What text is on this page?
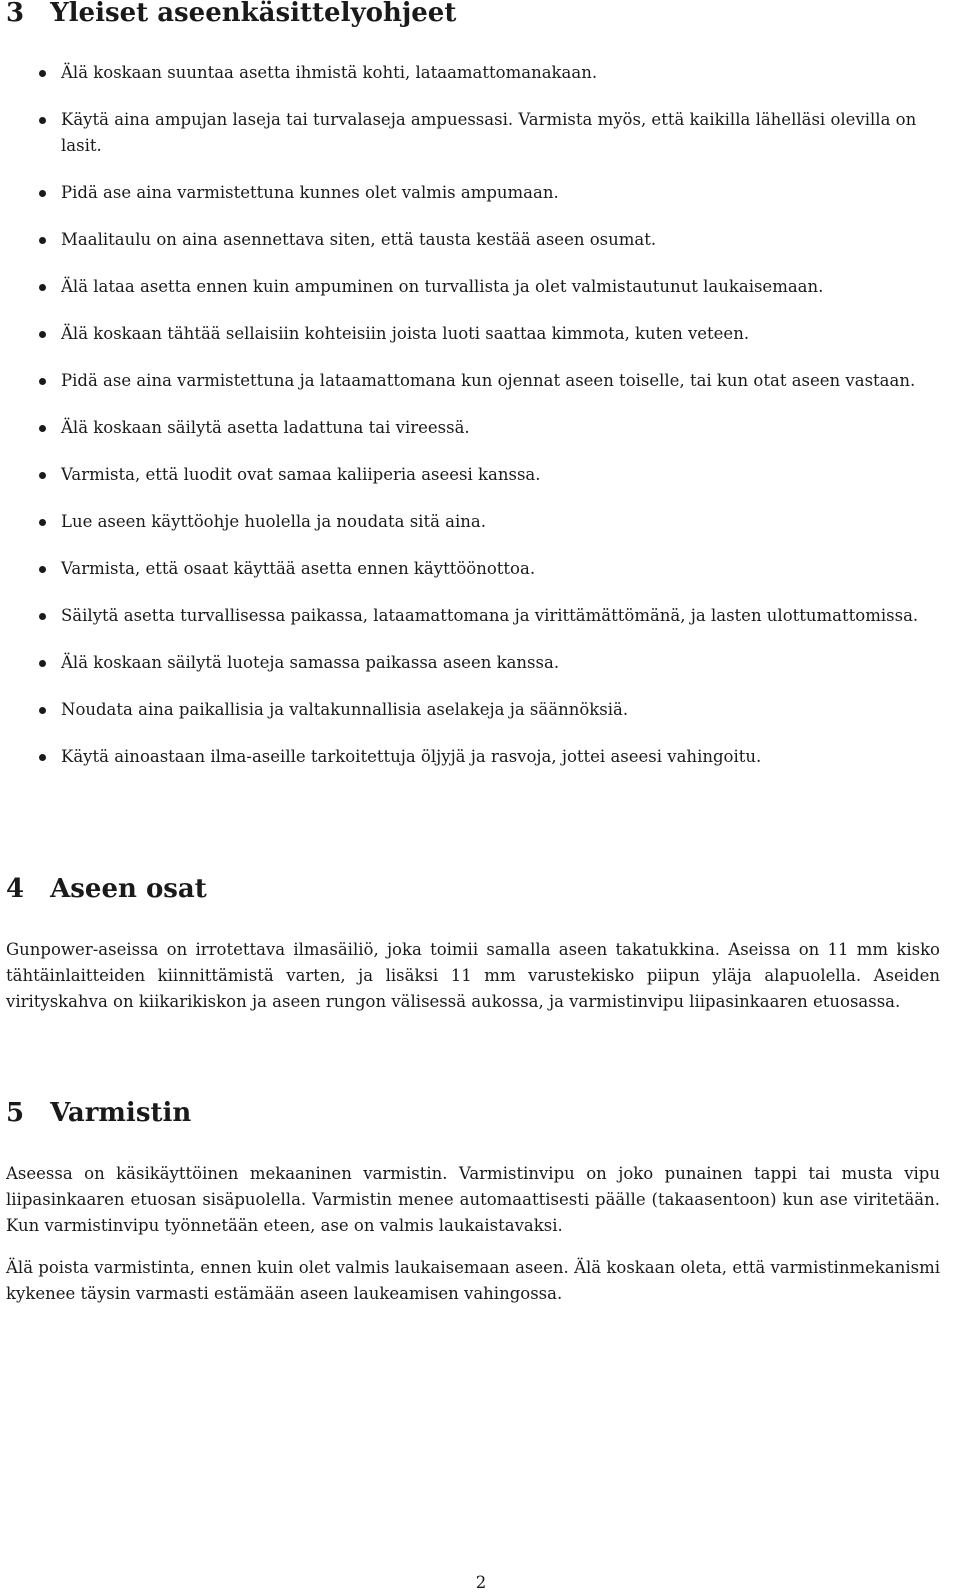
3 Yleiset aseenkäsittelyohjeet
Älä koskaan suuntaa asetta ihmistä kohti, lataamattomanakaan.
Käytä aina ampujan laseja tai turvalaseja ampuessasi. Varmista myös, että kaikilla lähelläsi olevilla on lasit.
Pidä ase aina varmistettuna kunnes olet valmis ampumaan.
Maalitaulu on aina asennettava siten, että tausta kestää aseen osumat.
Älä lataa asetta ennen kuin ampuminen on turvallista ja olet valmistautunut laukaisemaan.
Älä koskaan tähtää sellaisiin kohteisiin joista luoti saattaa kimmota, kuten veteen.
Pidä ase aina varmistettuna ja lataamattomana kun ojennat aseen toiselle, tai kun otat aseen vastaan.
Älä koskaan säilytä asetta ladattuna tai vireessä.
Varmista, että luodit ovat samaa kaliiperia aseesi kanssa.
Lue aseen käyttöohje huolella ja noudata sitä aina.
Varmista, että osaat käyttää asetta ennen käyttöönottoa.
Säilytä asetta turvallisessa paikassa, lataamattomana ja virittämättömänä, ja lasten ulottumattomissa.
Älä koskaan säilytä luoteja samassa paikassa aseen kanssa.
Noudata aina paikallisia ja valtakunnallisia aselakeja ja säännöksiä.
Käytä ainoastaan ilma-aseille tarkoitettuja öljyjä ja rasvoja, jottei aseesi vahingoitu.
4 Aseen osat

Gunpower-aseissa on irrotettava ilmasäiliö, joka toimii samalla aseen takatukkina. Aseissa on 11 mm kisko tähtäinlaitteiden kiinnittämistä varten, ja lisäksi 11 mm varustekisko piipun yläja alapuolella. Aseiden virityskahva on kiikarikiskon ja aseen rungon välisessä aukossa, ja varmistinvipu liipasinkaaren etuosassa.

5 Varmistin

Aseessa on käsikäyttöinen mekaaninen varmistin. Varmistinvipu on joko punainen tappi tai musta vipu liipasinkaaren etuosan sisäpuolella. Varmistin menee automaattisesti päälle (takaasentoon) kun ase viritetään. Kun varmistinvipu työnnetään eteen, ase on valmis laukaistavaksi.

Älä poista varmistinta, ennen kuin olet valmis laukaisemaan aseen. Älä koskaan oleta, että varmistinmekanismi kykenee täysin varmasti estämään aseen laukeamisen vahingossa.

2
